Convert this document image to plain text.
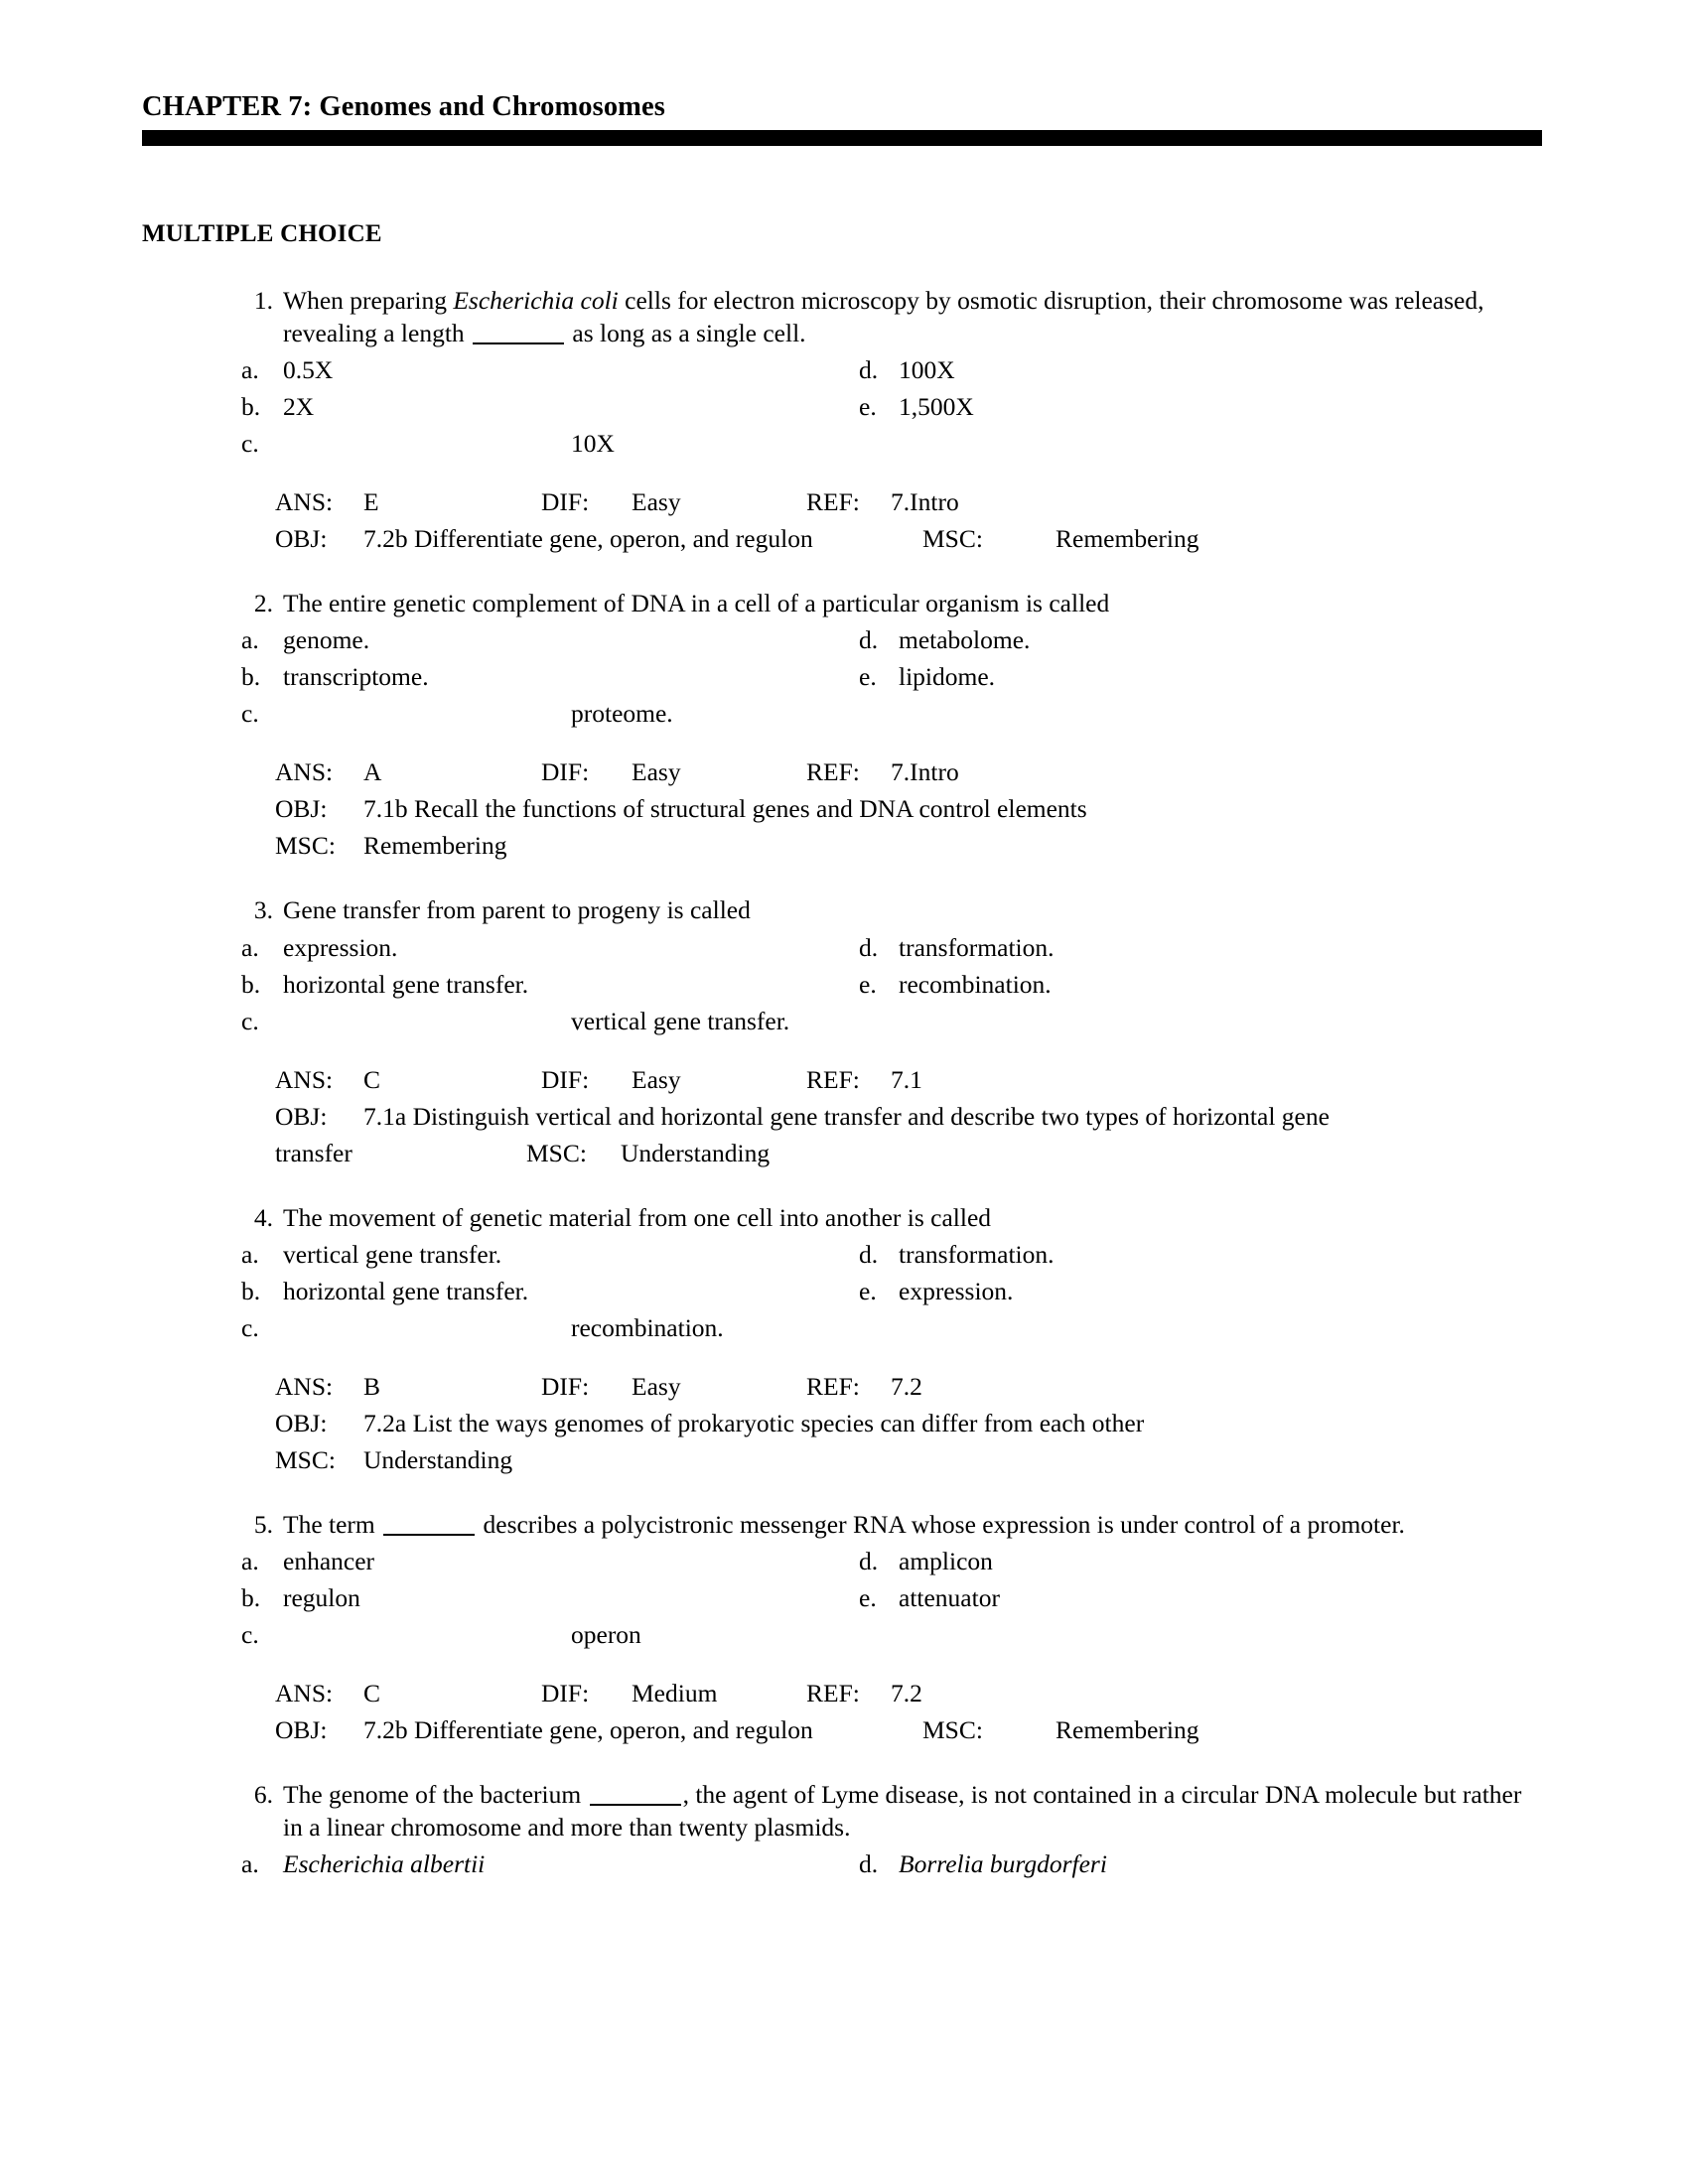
CHAPTER 7: Genomes and Chromosomes
MULTIPLE CHOICE
1. When preparing Escherichia coli cells for electron microscopy by osmotic disruption, their chromosome was released, revealing a length	as long as a single cell.
a. 0.5X	d. 100X
b. 2X	e. 1,500X
c.	10X
ANS: E	DIF: Easy	REF: 7.Intro
OBJ: 7.2b Differentiate gene, operon, and regulon	MSC:	Remembering
2. The entire genetic complement of DNA in a cell of a particular organism is called
a. genome.	d. metabolome.
b. transcriptome.	e. lipidome.
c.	proteome.
ANS: A	DIF: Easy	REF: 7.Intro
OBJ: 7.1b Recall the functions of structural genes and DNA control elements
MSC: Remembering
3. Gene transfer from parent to progeny is called
a. expression.	d. transformation.
b. horizontal gene transfer.	e. recombination.
c.	vertical gene transfer.
ANS: C	DIF: Easy	REF: 7.1
OBJ: 7.1a Distinguish vertical and horizontal gene transfer and describe two types of horizontal gene
transfer	MSC: Understanding
4. The movement of genetic material from one cell into another is called
a. vertical gene transfer.	d. transformation.
b. horizontal gene transfer.	e. expression.
c.	recombination.
ANS: B	DIF: Easy	REF: 7.2
OBJ: 7.2a List the ways genomes of prokaryotic species can differ from each other
MSC: Understanding
5. The term	describes a polycistronic messenger RNA whose expression is under control of a promoter.
a. enhancer	d. amplicon
b. regulon	e. attenuator
c.	operon
ANS: C	DIF: Medium	REF: 7.2
OBJ: 7.2b Differentiate gene, operon, and regulon	MSC:	Remembering
6. The genome of the bacterium	, the agent of Lyme disease, is not contained in a circular DNA molecule but rather in a linear chromosome and more than twenty plasmids.
a. Escherichia albertii	d. Borrelia burgdorferi
